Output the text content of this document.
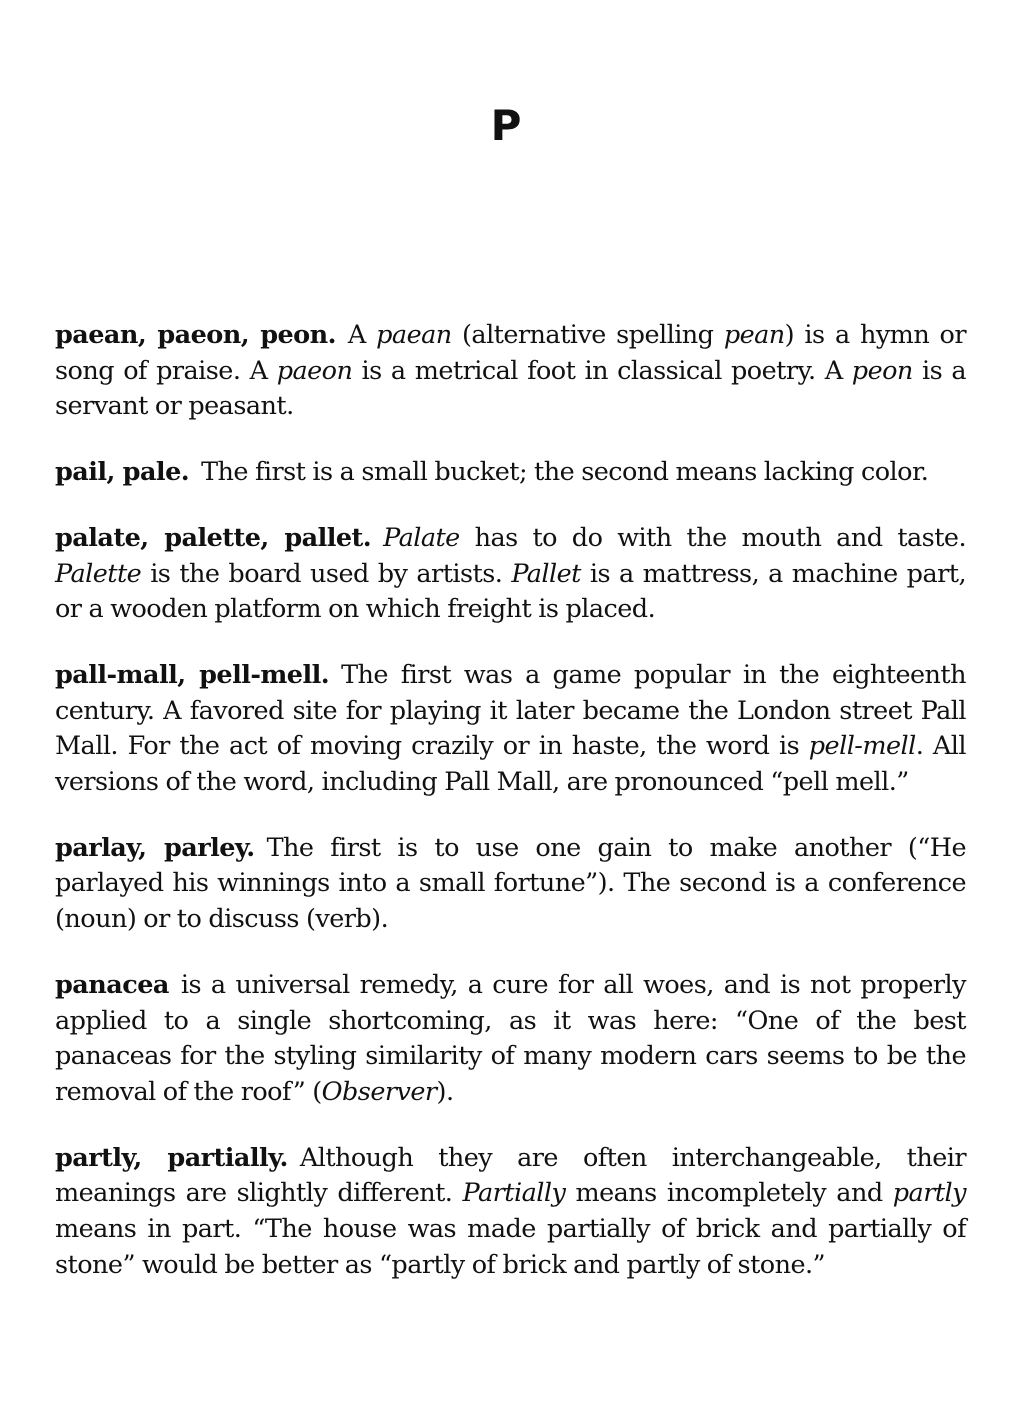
P

paean, paeon, peon. A paean (alternative spelling pean) is a hymn or song of praise. A paeon is a metrical foot in classical poetry. A peon is a servant or peasant.

pail, pale. The first is a small bucket; the second means lacking color.

palate, palette, pallet. Palate has to do with the mouth and taste. Palette is the board used by artists. Pallet is a mattress, a machine part, or a wooden platform on which freight is placed.

pall-mall, pell-mell. The first was a game popular in the eighteenth century. A favored site for playing it later became the London street Pall Mall. For the act of moving crazily or in haste, the word is pell-mell. All versions of the word, including Pall Mall, are pronounced “pell mell.”

parlay, parley. The first is to use one gain to make another (“He parlayed his winnings into a small fortune”). The second is a conference (noun) or to discuss (verb).

panacea is a universal remedy, a cure for all woes, and is not properly applied to a single shortcoming, as it was here: “One of the best panaceas for the styling similarity of many modern cars seems to be the removal of the roof” (Observer).

partly, partially. Although they are often interchangeable, their meanings are slightly different. Partially means incompletely and partly means in part. “The house was made partially of brick and partially of stone” would be better as “partly of brick and partly of stone.”
